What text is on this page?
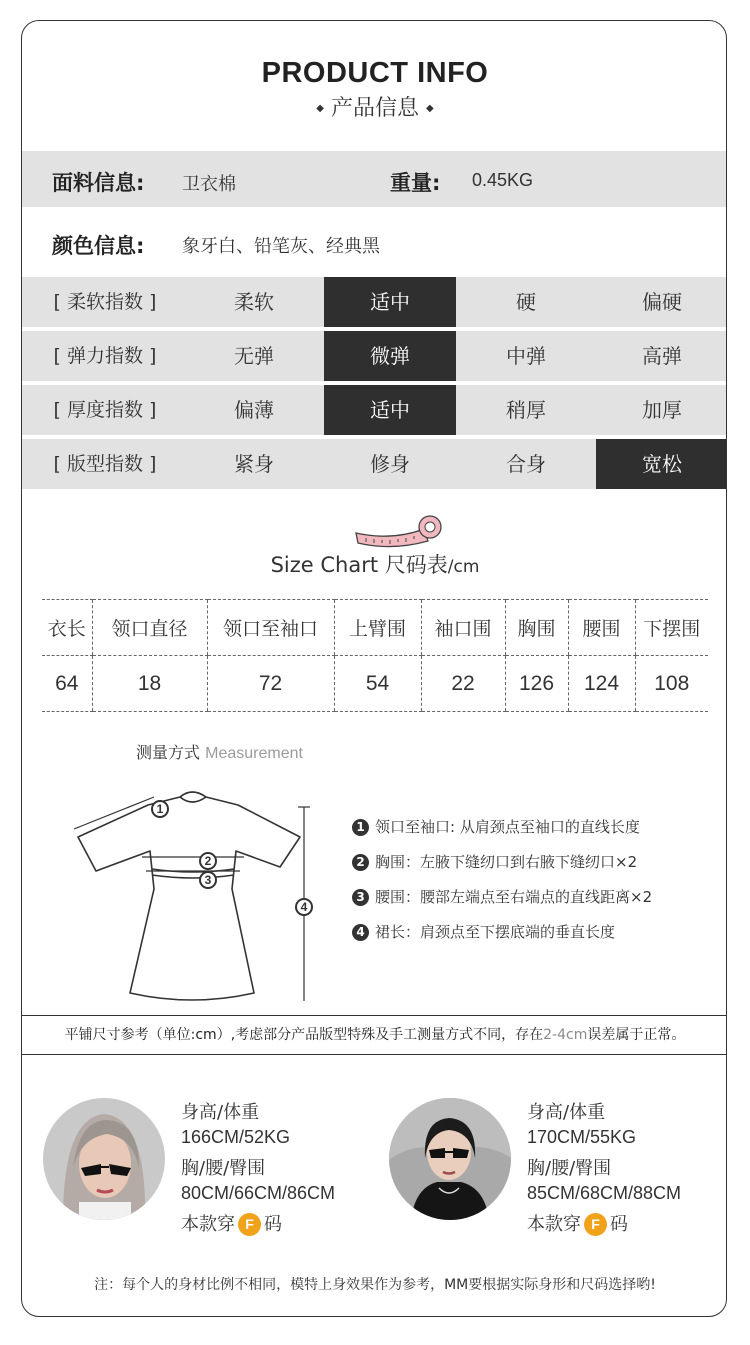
PRODUCT INFO
◆ 产品信息 ◆
面料信息: 卫衣棉	重量: 0.45KG
颜色信息: 象牙白、铅笔灰、经典黑
[ 柔软指数 ]	柔软	适中	硬	偏硬
[ 弹力指数 ]	无弹	微弹	中弹	高弹
[ 厚度指数 ]	偏薄	适中	稍厚	加厚
[ 版型指数 ]	紧身	修身	合身	宽松
Size Chart 尺码表/cm
衣长	领口直径	领口至袖口	上臂围	袖口围	胸围	腰围	下摆围
64	18	72	54	22	126	124	108
测量方式 Measurement
1
2
3
4
1 领口至袖口: 从肩颈点至袖口的直线长度
2 胸围：左腋下缝纫口到右腋下缝纫口×2
3 腰围：腰部左端点至右端点的直线距离×2
4 裙长：肩颈点至下摆底端的垂直长度
平铺尺寸参考（单位:cm）,考虑部分产品版型特殊及手工测量方式不同，存在2-4cm误差属于正常。
身高/体重
166CM/52KG
胸/腰/臀围
80CM/66CM/86CM
本款穿 F 码
身高/体重
170CM/55KG
胸/腰/臀围
85CM/68CM/88CM
本款穿 F 码
注：每个人的身材比例不相同，模特上身效果作为参考，MM要根据实际身形和尺码选择哟!
